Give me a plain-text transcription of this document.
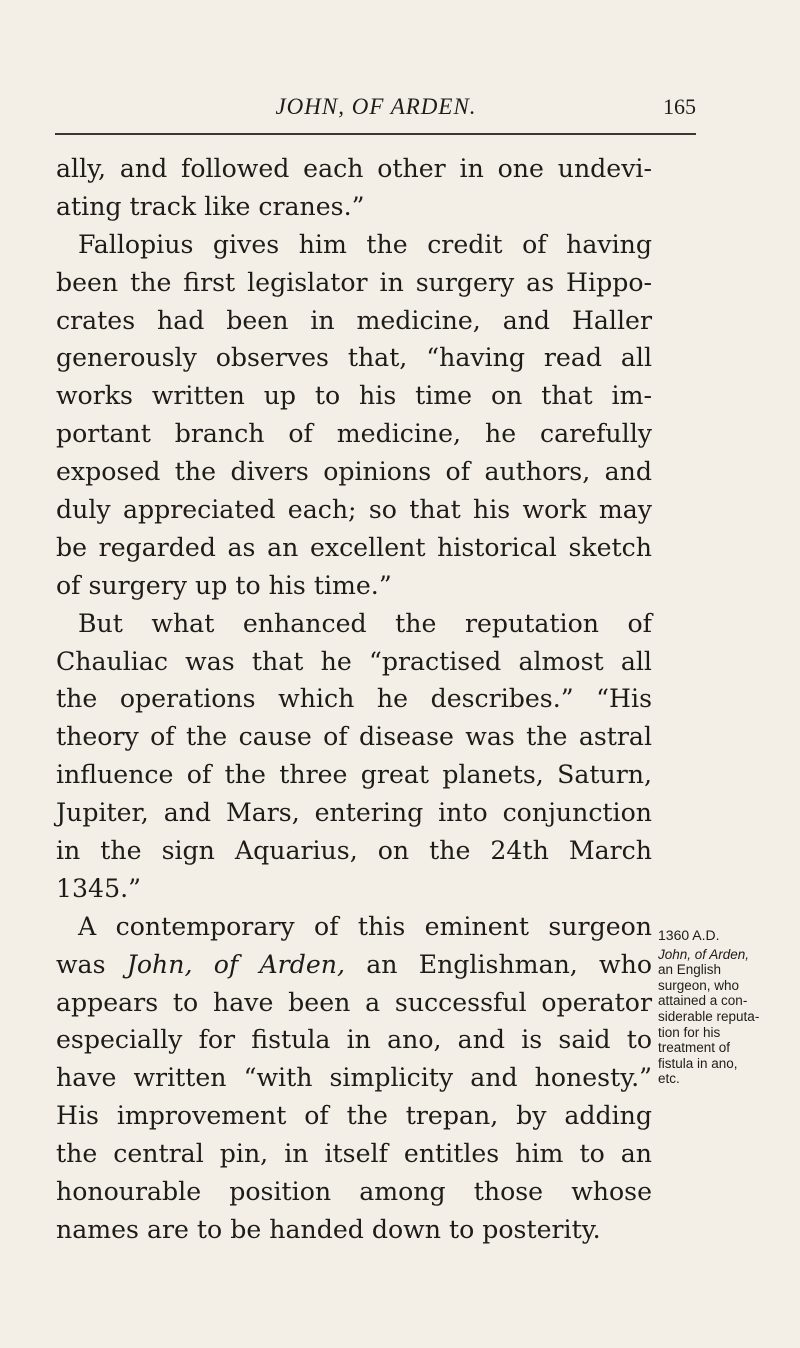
JOHN, OF ARDEN.	165
ally, and followed each other in one undevi-
ating track like cranes.”
Fallopius gives him the credit of having
been the first legislator in surgery as Hippo-
crates had been in medicine, and Haller
generously observes that, “having read all
works written up to his time on that im-
portant branch of medicine, he carefully
exposed the divers opinions of authors, and
duly appreciated each; so that his work may
be regarded as an excellent historical sketch
of surgery up to his time.”
But what enhanced the reputation of
Chauliac was that he “practised almost all
the operations which he describes.” “His
theory of the cause of disease was the astral
influence of the three great planets, Saturn,
Jupiter, and Mars, entering into conjunction
in the sign Aquarius, on the 24th March
1345.”
A contemporary of this eminent surgeon
was John, of Arden, an Englishman, who
appears to have been a successful operator
especially for fistula in ano, and is said to
have written “with simplicity and honesty.”
His improvement of the trepan, by adding
the central pin, in itself entitles him to an
honourable position among those whose
names are to be handed down to posterity.
1360 A.D.
John, of Arden,
an English
surgeon, who
attained a con-
siderable reputa-
tion for his
treatment of
fistula in ano,
etc.
